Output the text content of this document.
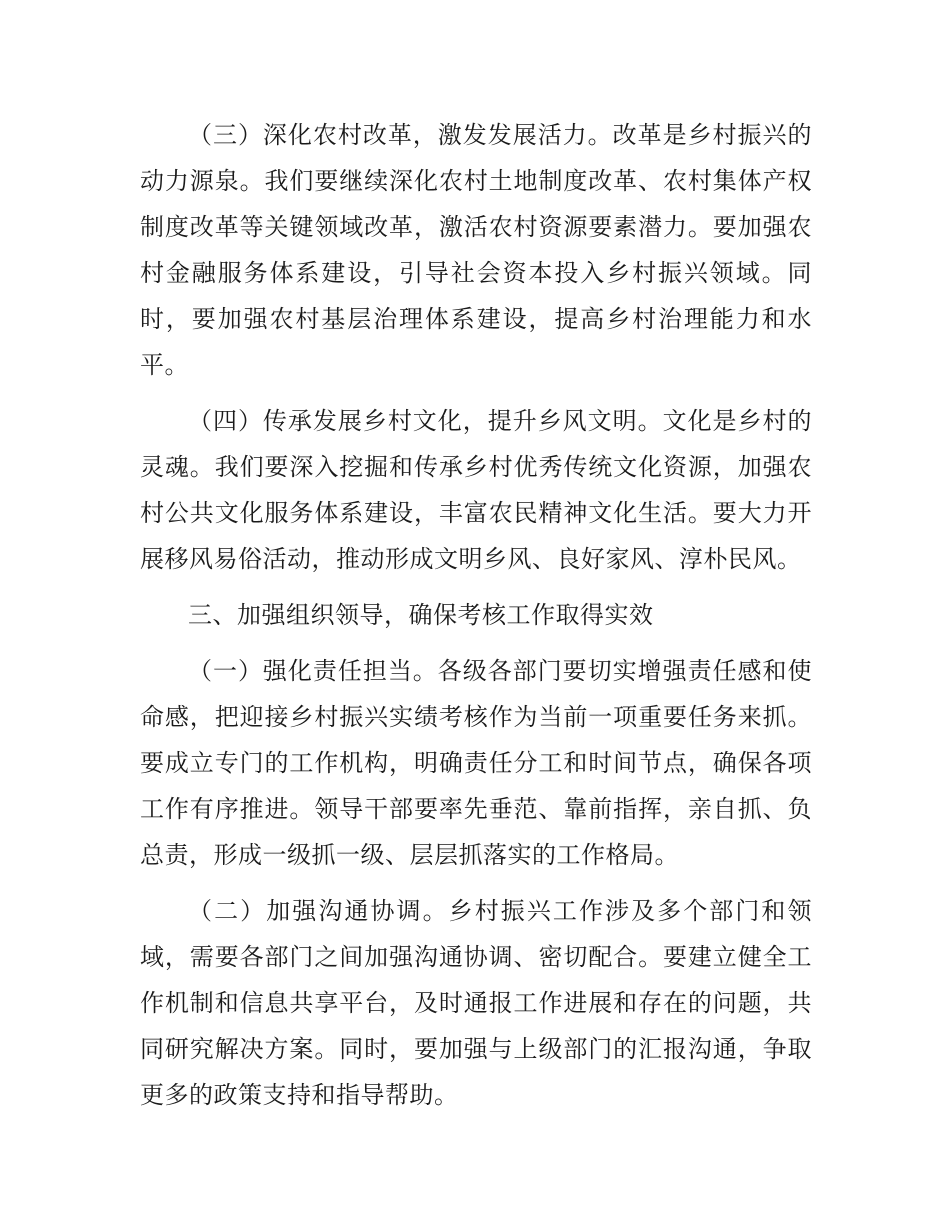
（三）深化农村改革，激发发展活力。改革是乡村振兴的动力源泉。我们要继续深化农村土地制度改革、农村集体产权制度改革等关键领域改革，激活农村资源要素潜力。要加强农村金融服务体系建设，引导社会资本投入乡村振兴领域。同时，要加强农村基层治理体系建设，提高乡村治理能力和水平。

（四）传承发展乡村文化，提升乡风文明。文化是乡村的灵魂。我们要深入挖掘和传承乡村优秀传统文化资源，加强农村公共文化服务体系建设，丰富农民精神文化生活。要大力开展移风易俗活动，推动形成文明乡风、良好家风、淳朴民风。

三、加强组织领导，确保考核工作取得实效

（一）强化责任担当。各级各部门要切实增强责任感和使命感，把迎接乡村振兴实绩考核作为当前一项重要任务来抓。要成立专门的工作机构，明确责任分工和时间节点，确保各项工作有序推进。领导干部要率先垂范、靠前指挥，亲自抓、负总责，形成一级抓一级、层层抓落实的工作格局。

（二）加强沟通协调。乡村振兴工作涉及多个部门和领域，需要各部门之间加强沟通协调、密切配合。要建立健全工作机制和信息共享平台，及时通报工作进展和存在的问题，共同研究解决方案。同时，要加强与上级部门的汇报沟通，争取更多的政策支持和指导帮助。
